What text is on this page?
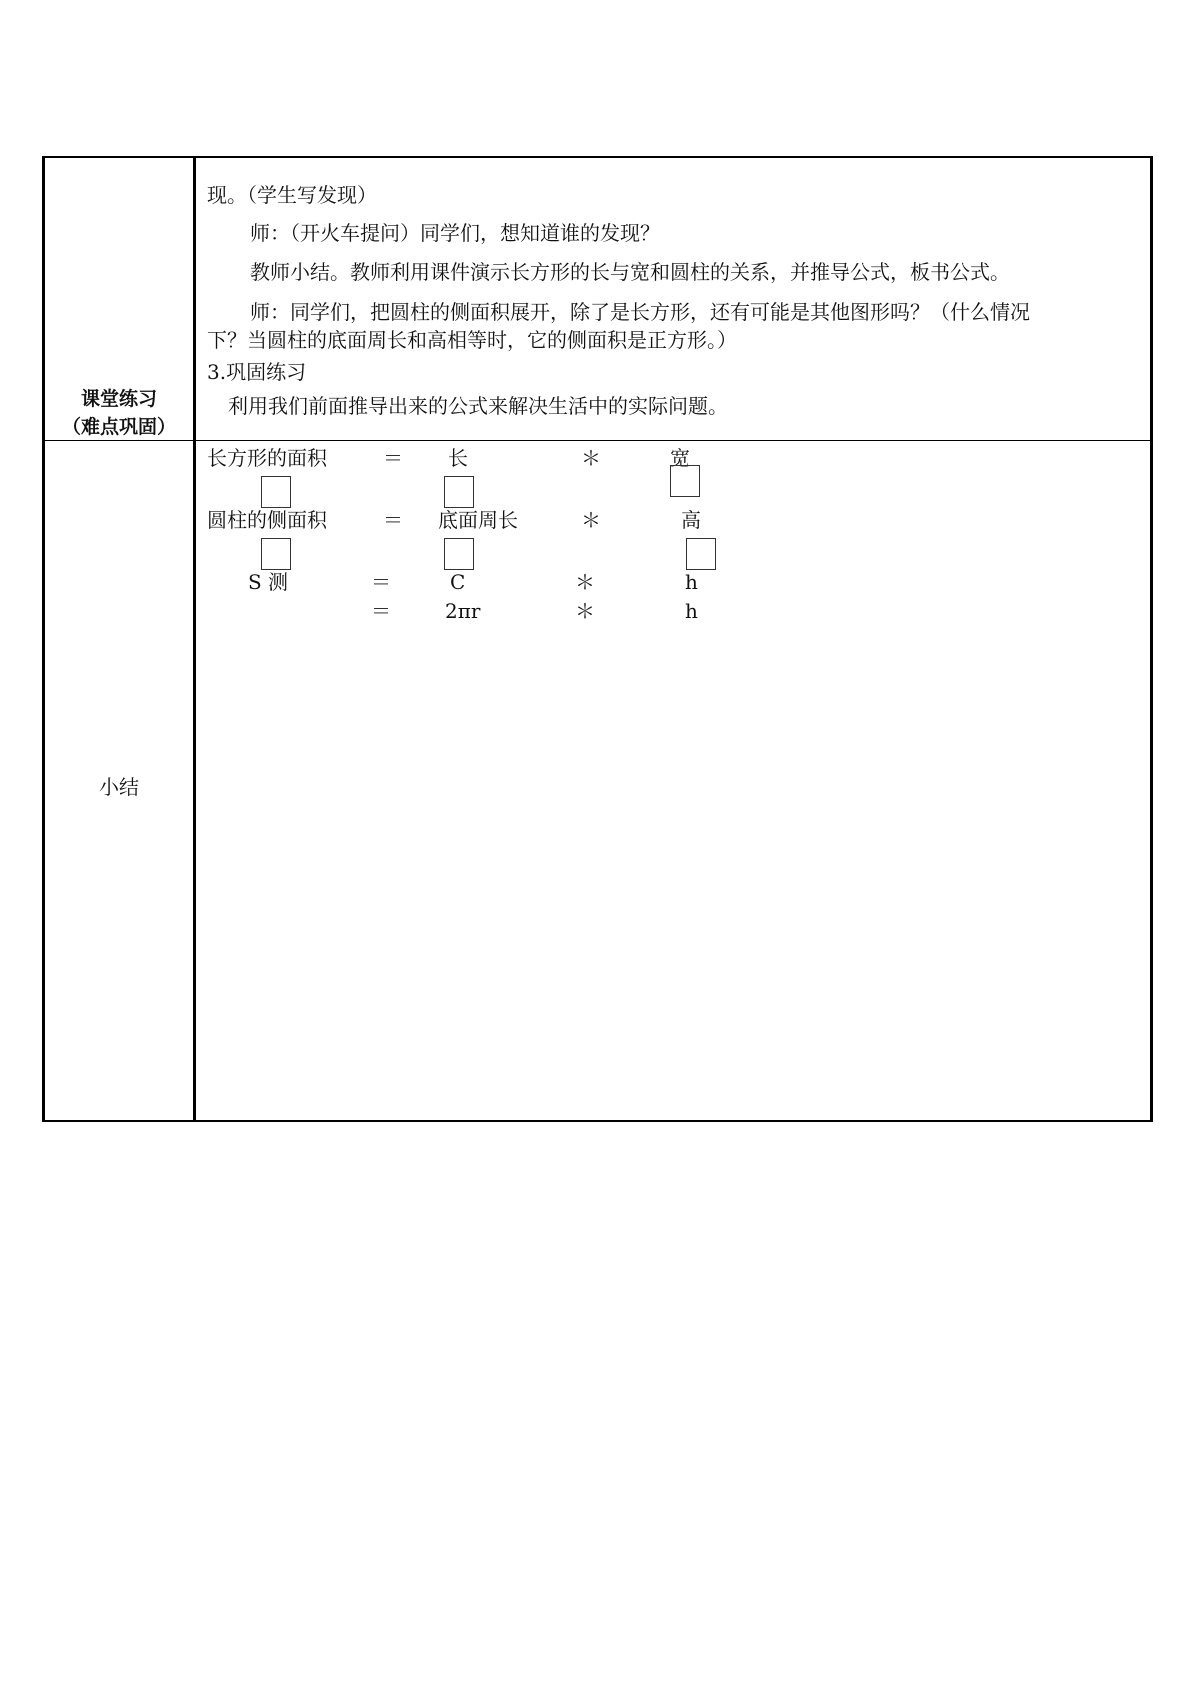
课堂练习
（难点巩固）
现。（学生写发现）
师：（开火车提问）同学们，想知道谁的发现？
教师小结。教师利用课件演示长方形的长与宽和圆柱的关系，并推导公式，板书公式。
师：同学们，把圆柱的侧面积展开，除了是长方形，还有可能是其他图形吗？（什么情况
下？当圆柱的底面周长和高相等时，它的侧面积是正方形。）
3.巩固练习
利用我们前面推导出来的公式来解决生活中的实际问题。
小结
长方形的面积	＝ 长	＊	宽
圆柱的侧面积	＝ 底面周长	＊	高
S 测	＝	C	＊	h
＝	2πr	＊	h
